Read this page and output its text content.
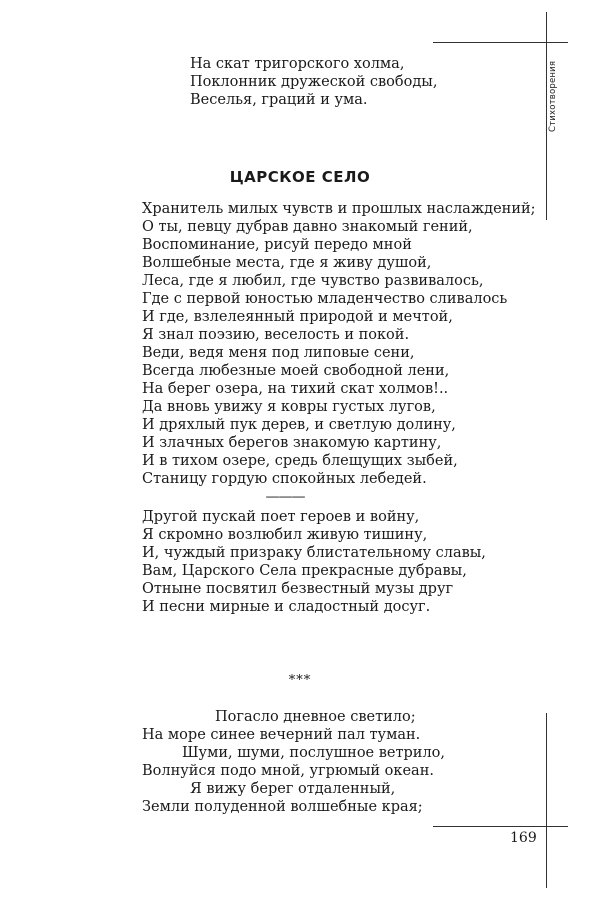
Стихотворения
169
На скат тригорского холма,
Поклонник дружеской свободы,
Веселья, граций и ума.
ЦАРСКОЕ СЕЛО
Хранитель милых чувств и прошлых наслаждений;
О ты, певцу дубрав давно знакомый гений,
Воспоминание, рисуй передо мной
Волшебные места, где я живу душой,
Леса, где я любил, где чувство развивалось,
Где с первой юностью младенчество сливалось
И где, взлелеянный природой и мечтой,
Я знал поэзию, веселость и покой.
Веди, ведя меня под липовые сени,
Всегда любезные моей свободной лени,
На берег озера, на тихий скат холмов!..
Да вновь увижу я ковры густых лугов,
И дряхлый пук дерев, и светлую долину,
И злачных берегов знакомую картину,
И в тихом озере, средь блещущих зыбей,
Станицу гордую спокойных лебедей.
———
Другой пускай поет героев и войну,
Я скромно возлюбил живую тишину,
И, чуждый призраку блистательному славы,
Вам, Царского Села прекрасные дубравы,
Отныне посвятил безвестный музы друг
И песни мирные и сладостный досуг.
***
Погасло дневное светило;
На море синее вечерний пал туман.
Шуми, шуми, послушное ветрило,
Волнуйся подо мной, угрюмый океан.
Я вижу берег отдаленный,
Земли полуденной волшебные края;
